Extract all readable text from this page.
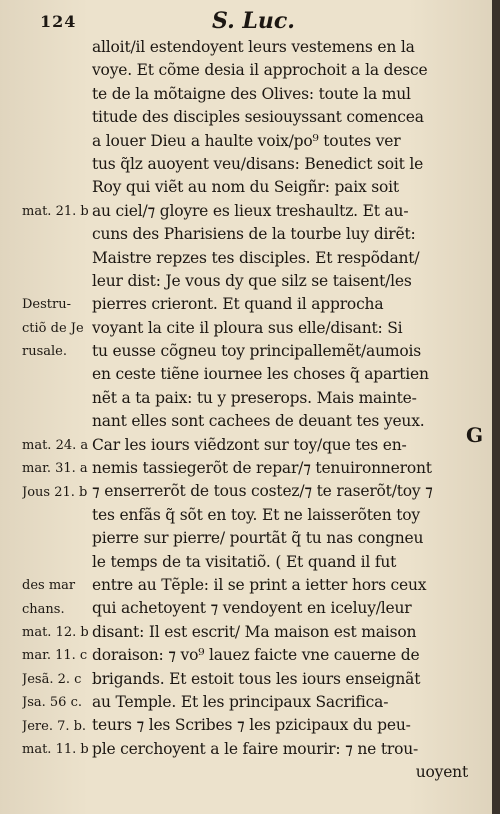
124	S. Luc.
mat. 21. b
Destru-
ctiõ de Je
rusale.
mat. 24. a
mar. 31. a
Jous 21. b
des mar
chans.
mat. 12. b
mar. 11. c
Jesã. 2. c
Jsa. 56 c.
Jere. 7. b.
mat. 11. b
alloit/il estendoyent leurs vestemens en la
voye. Et cõme desia il approchoit a la desce
te de la mõtaigne des Olives: toute la mul
titude des disciples sesiouyssant comencea
a louer Dieu a haulte voix/po⁹ toutes ver
tus q̃lz auoyent veu/disans: Benedict soit le
Roy qui viẽt au nom du Seigñr: paix soit
au ciel/⁊ gloyre es lieux treshaultz. Et au-
cuns des Pharisiens de la tourbe luy dirẽt:
Maistre repzes tes disciples. Et respõdant/
leur dist: Je vous dy que silz se taisent/les
pierres crieront. Et quand il approcha
voyant la cite il ploura sus elle/disant: Si
tu eusse cõgneu toy principallemẽt/aumois
en ceste tiẽne iournee les choses q̃ apartien
nẽt a ta paix: tu y preserops. Mais mainte-
nant elles sont cachees de deuant tes yeux.
Car les iours viẽdzont sur toy/que tes en-
nemis tassiegerõt de repar/⁊ tenuironneront
⁊ enserrerõt de tous costez/⁊ te raserõt/toy ⁊
tes enfãs q̃ sõt en toy. Et ne laisserõten toy
pierre sur pierre/ pourtãt q̃ tu nas congneu
le temps de ta visitatiõ. ( Et quand il fut
entre au Tẽple: il se print a ietter hors ceux
qui achetoyent ⁊ vendoyent en iceluy/leur
disant: Il est escrit/ Ma maison est maison
doraison: ⁊ vo⁹ lauez faicte vne cauerne de
brigands. Et estoit tous les iours enseignãt
au Temple. Et les principaux Sacrifica-
teurs ⁊ les Scribes ⁊ les pzicipaux du peu-
ple cerchoyent a le faire mourir: ⁊ ne trou-
uoyent
G
